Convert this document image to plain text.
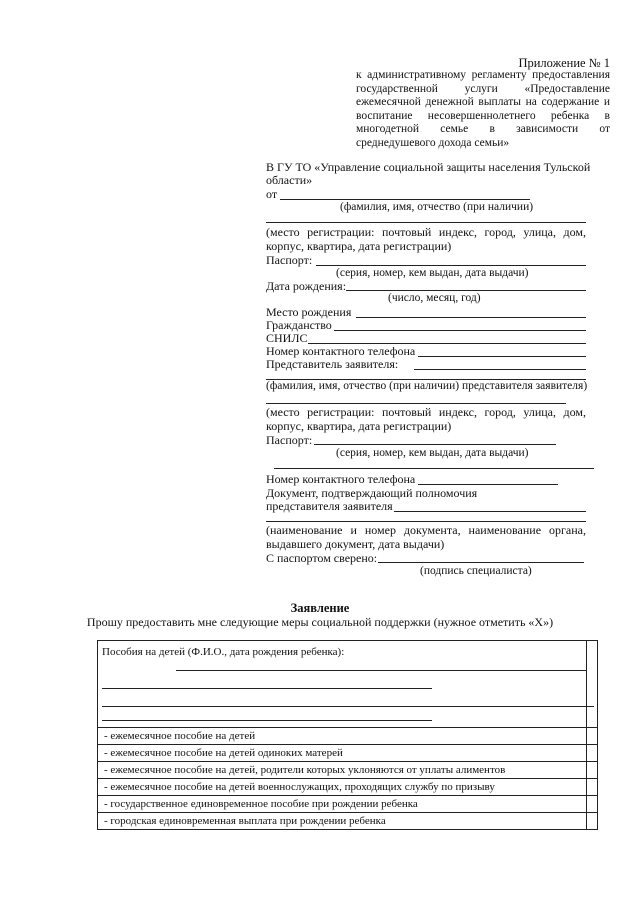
Приложение № 1
к административному регламенту предоставления государственной услуги «Предоставление ежемесячной денежной выплаты на содержание и воспитание несовершеннолетнего ребенка в многодетной семье в зависимости от среднедушевого дохода семьи»
В ГУ ТО «Управление социальной защиты населения Тульской
области»
от
(фамилия, имя, отчество (при наличии)
(место регистрации: почтовый индекс, город, улица, дом, корпус, квартира, дата регистрации)
Паспорт:
(серия, номер, кем выдан, дата выдачи)
Дата рождения:
(число, месяц, год)
Место рождения
Гражданство
СНИЛС
Номер контактного телефона
Представитель заявителя:
(фамилия, имя, отчество (при наличии) представителя заявителя)
(место регистрации: почтовый индекс, город, улица, дом, корпус, квартира, дата регистрации)
Паспорт:
(серия, номер, кем выдан, дата выдачи)
Номер контактного телефона
Документ, подтверждающий полномочия
представителя заявителя
(наименование и номер документа, наименование органа, выдавшего документ, дата выдачи)
С паспортом сверено:
(подпись специалиста)
Заявление
Прошу предоставить мне следующие меры социальной поддержки (нужное отметить «Х»)
Пособия на детей (Ф.И.О., дата рождения ребенка):	

- ежемесячное пособие на детей	
- ежемесячное пособие на детей одиноких матерей	
- ежемесячное пособие на детей, родители которых уклоняются от уплаты алиментов	
- ежемесячное пособие на детей военнослужащих, проходящих службу по призыву	
- государственное единовременное пособие при рождении ребенка	
- городская единовременная выплата при рождении ребенка	
